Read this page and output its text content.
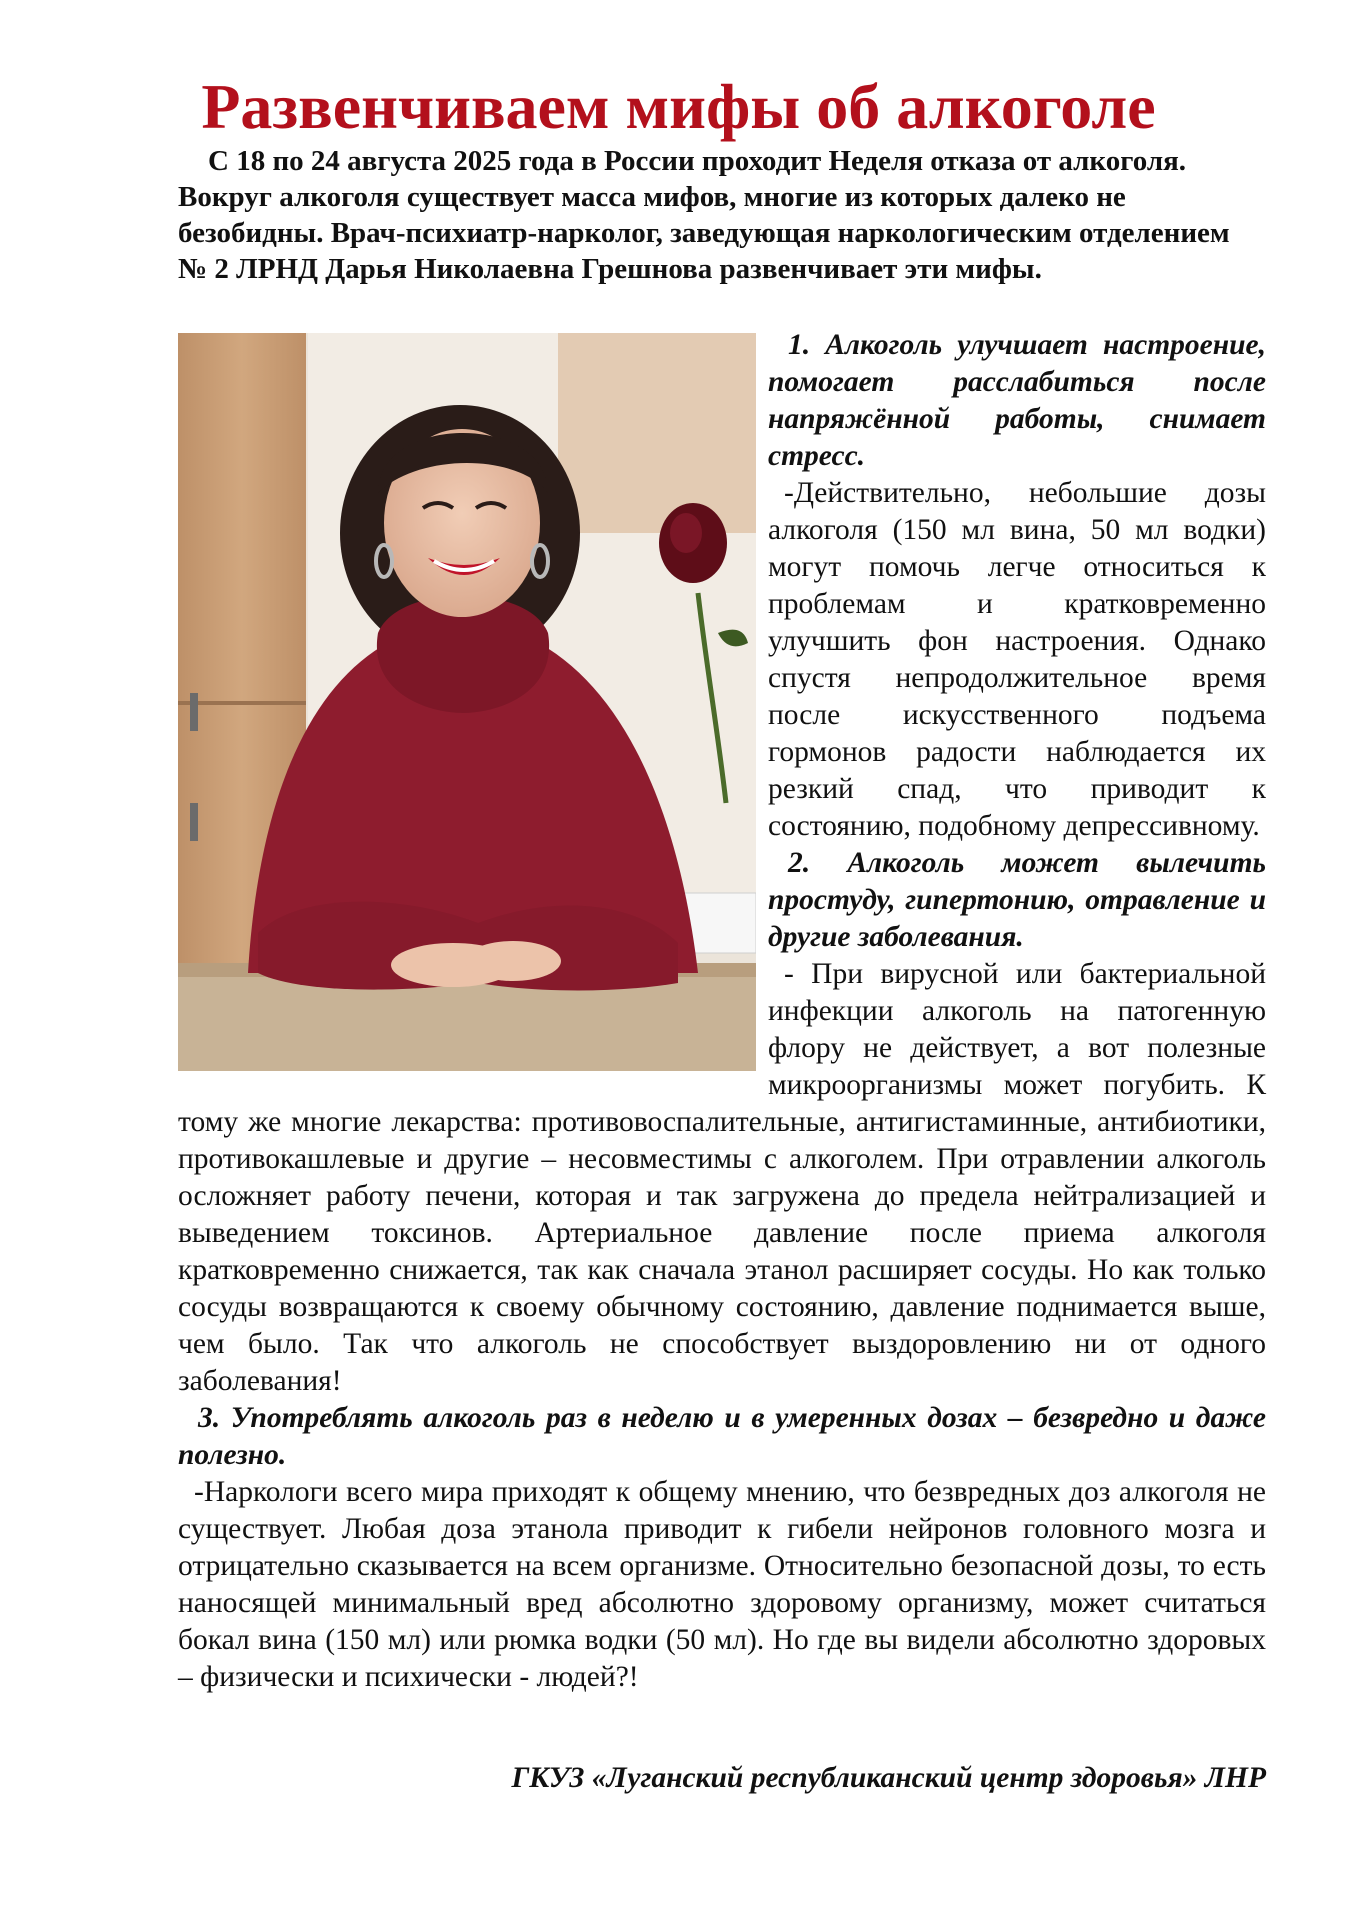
Развенчиваем мифы об алкоголе

С 18 по 24 августа 2025 года в России проходит Неделя отказа от алкоголя. Вокруг алкоголя существует масса мифов, многие из которых далеко не безобидны. Врач-психиатр-нарколог, заведующая наркологическим отделением № 2 ЛРНД Дарья Николаевна Грешнова развенчивает эти мифы.

1. Алкоголь улучшает настроение, помогает расслабиться после напряжённой работы, снимает стресс.

-Действительно, небольшие дозы алкоголя (150 мл вина, 50 мл водки) могут помочь легче относиться к проблемам и кратковременно улучшить фон настроения. Однако спустя непродолжительное время после искусственного подъема гормонов радости наблюдается их резкий спад, что приводит к состоянию, подобному депрессивному.

2. Алкоголь может вылечить простуду, гипертонию, отравление и другие заболевания.

- При вирусной или бактериальной инфекции алкоголь на патогенную флору не действует, а вот полезные микроорганизмы может погубить. К тому же многие лекарства: противовоспалительные, антигистаминные, антибиотики, противокашлевые и другие – несовместимы с алкоголем. При отравлении алкоголь осложняет работу печени, которая и так загружена до предела нейтрализацией и выведением токсинов. Артериальное давление после приема алкоголя кратковременно снижается, так как сначала этанол расширяет сосуды. Но как только сосуды возвращаются к своему обычному состоянию, давление поднимается выше, чем было. Так что алкоголь не способствует выздоровлению ни от одного заболевания!

3. Употреблять алкоголь раз в неделю и в умеренных дозах – безвредно и даже полезно.

-Наркологи всего мира приходят к общему мнению, что безвредных доз алкоголя не существует. Любая доза этанола приводит к гибели нейронов головного мозга и отрицательно сказывается на всем организме. Относительно безопасной дозы, то есть наносящей минимальный вред абсолютно здоровому организму, может считаться бокал вина (150 мл) или рюмка водки (50 мл). Но где вы видели абсолютно здоровых – физически и психически - людей?!

ГКУЗ «Луганский республиканский центр здоровья» ЛНР
